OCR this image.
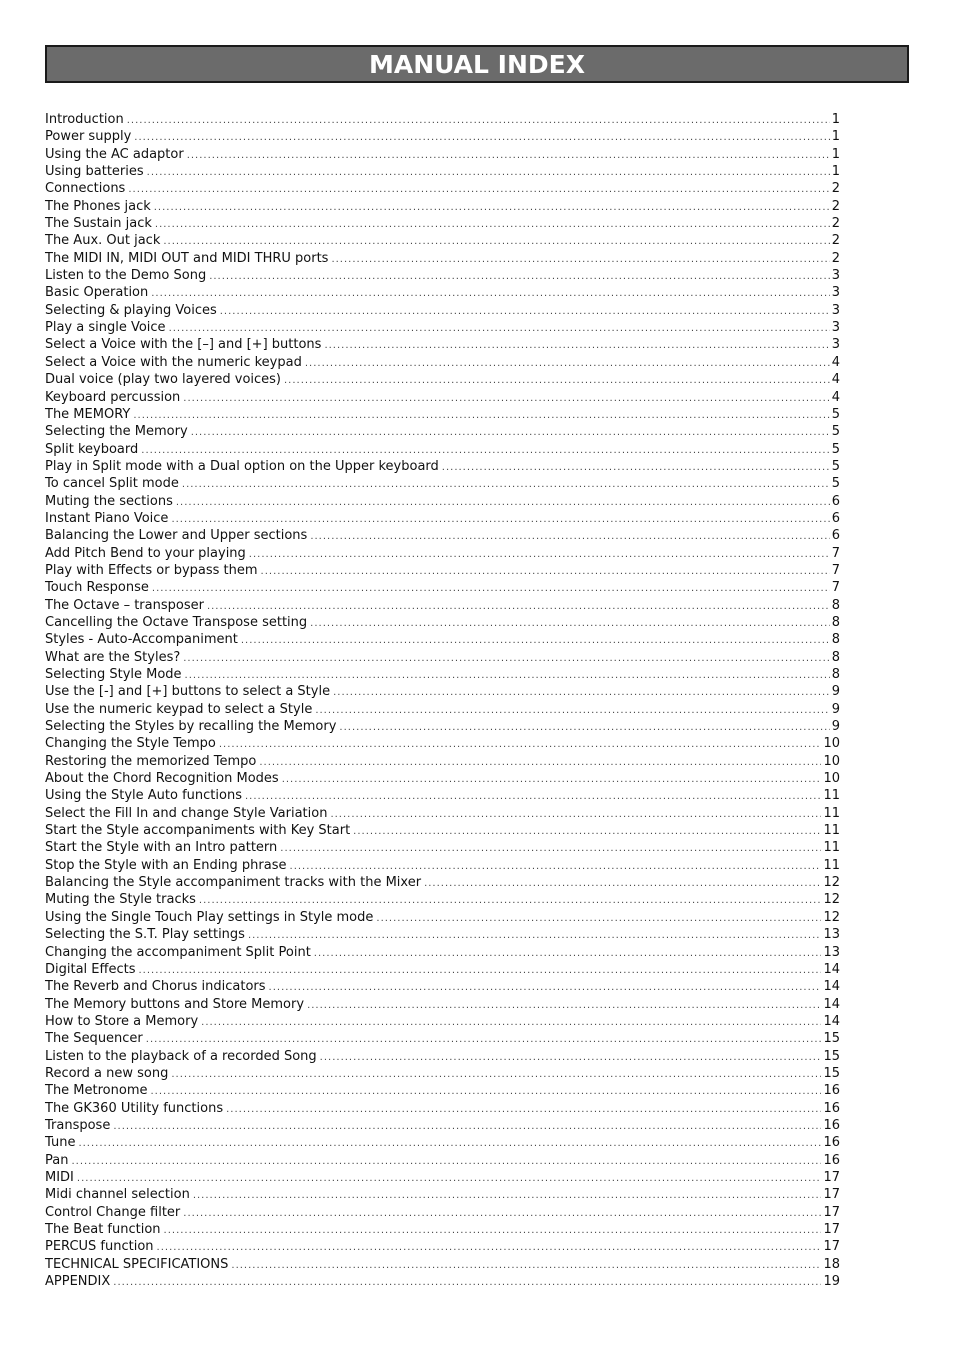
MANUAL INDEX
Introduction .....	1
Power supply .....	1
Using the AC adaptor .....	1
Using batteries .....	1
Connections .....	2
The Phones jack .....	2
The Sustain jack .....	2
The Aux. Out jack .....	2
The MIDI IN, MIDI OUT and MIDI THRU ports .....	2
Listen to the Demo Song .....	3
Basic Operation .....	3
Selecting & playing Voices .....	3
Play a single Voice .....	3
Select a Voice with the [–] and [+] buttons .....	3
Select a Voice with the numeric keypad .....	4
Dual voice (play two layered voices) .....	4
Keyboard percussion .....	4
The MEMORY .....	5
Selecting the Memory .....	5
Split keyboard .....	5
Play in Split mode with a Dual option on the Upper keyboard .....	5
To cancel Split mode .....	5
Muting the sections .....	6
Instant Piano Voice .....	6
Balancing the Lower and Upper sections .....	6
Add Pitch Bend to your playing .....	7
Play with Effects or bypass them .....	7
Touch Response .....	7
The Octave – transposer .....	8
Cancelling the Octave Transpose setting .....	8
Styles - Auto-Accompaniment .....	8
What are the Styles? .....	8
Selecting Style Mode .....	8
Use the [-] and [+] buttons to select a Style .....	9
Use the numeric keypad to select a Style .....	9
Selecting the Styles by recalling the Memory .....	9
Changing the Style Tempo .....	10
Restoring the memorized Tempo .....	10
About the Chord Recognition Modes .....	10
Using the Style Auto functions .....	11
Select the Fill In and change Style Variation .....	11
Start the Style accompaniments with Key Start .....	11
Start the Style with an Intro pattern .....	11
Stop the Style with an Ending phrase .....	11
Balancing the Style accompaniment tracks with the Mixer .....	12
Muting the Style tracks .....	12
Using the Single Touch Play settings in Style mode .....	12
Selecting the S.T. Play settings .....	13
Changing the accompaniment Split Point .....	13
Digital Effects .....	14
The Reverb and Chorus indicators .....	14
The Memory buttons and Store Memory .....	14
How to Store a Memory .....	14
The Sequencer .....	15
Listen to the playback of a recorded Song .....	15
Record a new song .....	15
The Metronome .....	16
The GK360 Utility functions .....	16
Transpose .....	16
Tune .....	16
Pan .....	16
MIDI .....	17
Midi channel selection .....	17
Control Change filter .....	17
The Beat function .....	17
PERCUS function .....	17
TECHNICAL SPECIFICATIONS .....	18
APPENDIX .....	19
